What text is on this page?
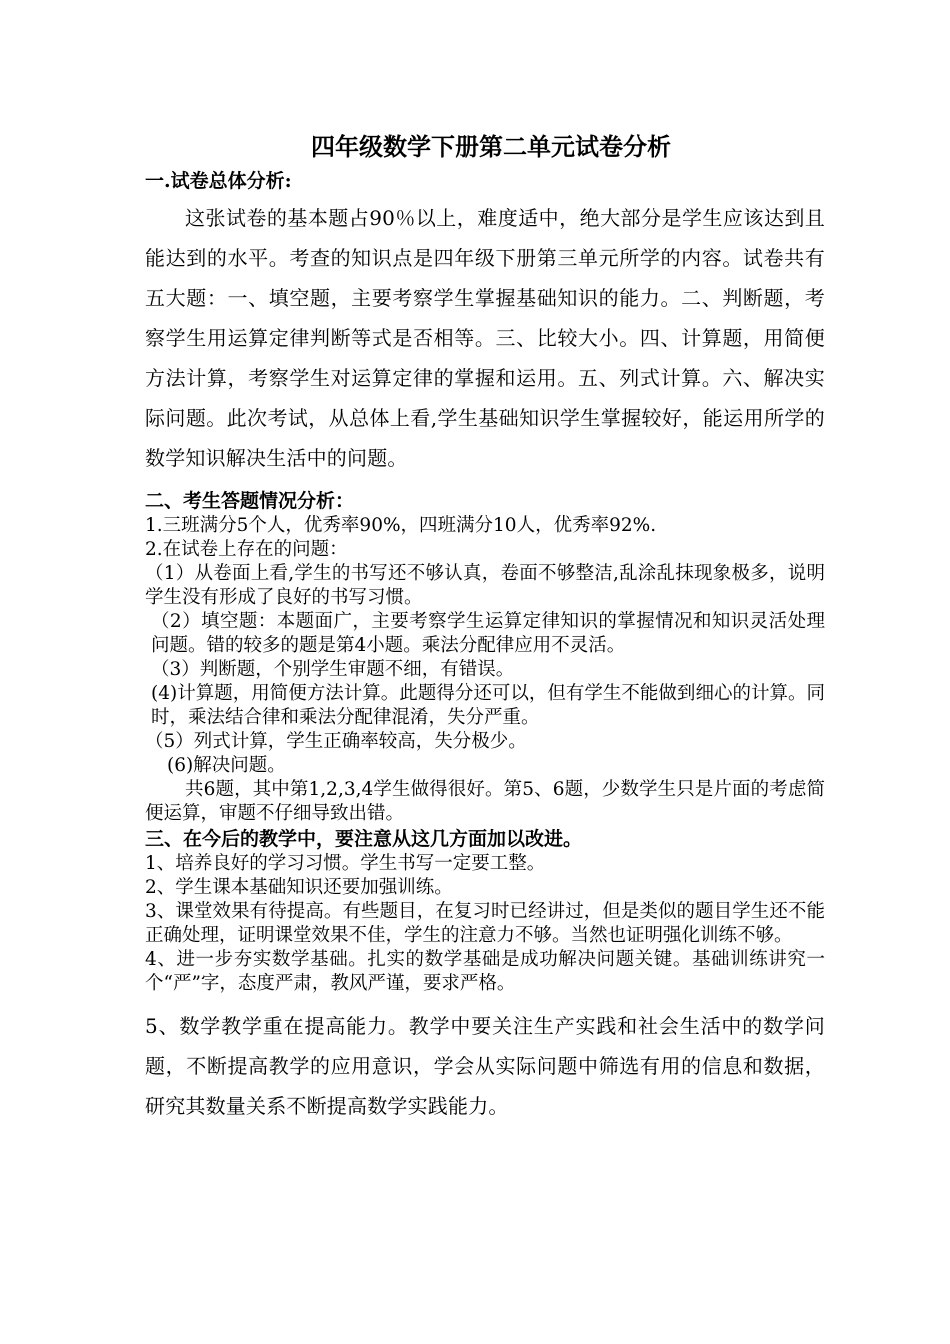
四年级数学下册第二单元试卷分析
一.试卷总体分析:

这张试卷的基本题占90％以上，难度适中，绝大部分是学生应该达到且能达到的水平。考查的知识点是四年级下册第三单元所学的内容。试卷共有五大题：一、填空题，主要考察学生掌握基础知识的能力。二、判断题，考察学生用运算定律判断等式是否相等。三、比较大小。四、计算题，用简便方法计算，考察学生对运算定律的掌握和运用。五、列式计算。六、解决实际问题。此次考试，从总体上看,学生基础知识学生掌握较好，能运用所学的数学知识解决生活中的问题。

二、考生答题情况分析：

1.三班满分5个人，优秀率90%，四班满分10人，优秀率92%.

2.在试卷上存在的问题：

（1）从卷面上看,学生的书写还不够认真，卷面不够整洁,乱涂乱抹现象极多，说明学生没有形成了良好的书写习惯。

（2）填空题：本题面广，主要考察学生运算定律知识的掌握情况和知识灵活处理问题。错的较多的题是第4小题。乘法分配律应用不灵活。

（3）判断题，个别学生审题不细，有错误。

(4)计算题，用简便方法计算。此题得分还可以，但有学生不能做到细心的计算。同时，乘法结合律和乘法分配律混淆，失分严重。

（5）列式计算，学生正确率较高，失分极少。

(6)解决问题。

共6题，其中第1,2,3,4学生做得很好。第5、6题，少数学生只是片面的考虑简便运算，审题不仔细导致出错。

三、在今后的教学中，要注意从这几方面加以改进。

1、培养良好的学习习惯。学生书写一定要工整。

2、学生课本基础知识还要加强训练。

3、课堂效果有待提高。有些题目，在复习时已经讲过，但是类似的题目学生还不能正确处理，证明课堂效果不佳，学生的注意力不够。当然也证明强化训练不够。

4、进一步夯实数学基础。扎实的数学基础是成功解决问题关键。基础训练讲究一个“严”字，态度严肃，教风严谨，要求严格。

5、数学教学重在提高能力。教学中要关注生产实践和社会生活中的数学问题，不断提高教学的应用意识，学会从实际问题中筛选有用的信息和数据，研究其数量关系不断提高数学实践能力。
